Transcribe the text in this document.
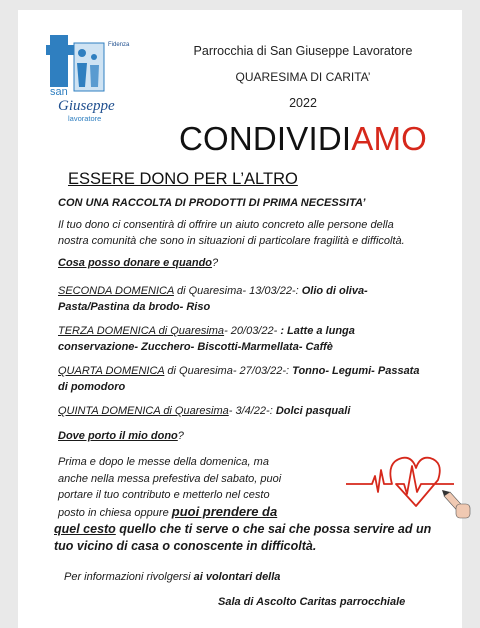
Fidenza
san
Giuseppe
lavoratore
Parrocchia di San Giuseppe Lavoratore
QUARESIMA DI CARITA’
2022
CONDIVIDIAMO
ESSERE DONO PER L’ALTRO
CON UNA RACCOLTA DI PRODOTTI DI PRIMA NECESSITA’
Il tuo dono ci consentirà di offrire un aiuto concreto alle persone della
nostra comunità che sono in situazioni di particolare fragilità e difficoltà.
Cosa posso donare e quando?
SECONDA DOMENICA di Quaresima- 13/03/22-: Olio di oliva-
Pasta/Pastina da brodo- Riso
TERZA DOMENICA di Quaresima- 20/03/22- : Latte a lunga
conservazione- Zucchero- Biscotti-Marmellata- Caffè
QUARTA DOMENICA di Quaresima- 27/03/22-: Tonno- Legumi- Passata
di pomodoro
QUINTA DOMENICA di Quaresima- 3/4/22-: Dolci pasquali
Dove porto il mio dono?
Prima e dopo le messe della domenica, ma
anche nella messa prefestiva del sabato, puoi
portare il tuo contributo e metterlo nel cesto
posto in chiesa oppure puoi prendere da
quel cesto quello che ti serve o che sai che possa servire ad un
tuo vicino di casa o conoscente in difficoltà.
Per informazioni rivolgersi ai volontari della
Sala di Ascolto Caritas parrocchiale
